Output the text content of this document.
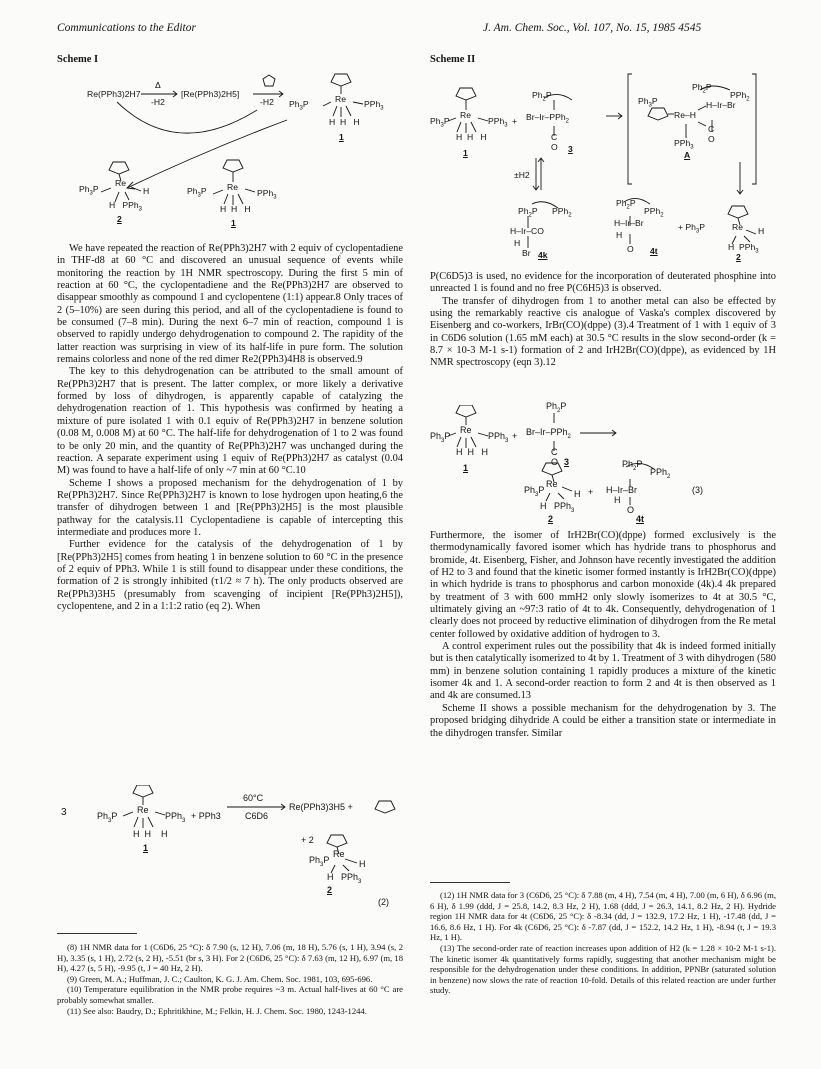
Communications to the Editor	J. Am. Chem. Soc., Vol. 107, No. 15, 1985 4545
Scheme I
Re(PPh3)2H7
Δ
-H2
[Re(PPh3)2H5]
-H2 $Ph_3P$	Re PPh$_3$
H  H   H
1
$Ph_3P$
Re
H
H   PPh$_3$
2
$Ph_3P$ Re
PPh$_3$
H  H   H
1

We have repeated the reaction of Re(PPh3)2H7 with 2 equiv of cyclopentadiene in THF-d8 at 60 °C and discovered an unusual sequence of events while monitoring the reaction by 1H NMR spectroscopy. During the first 5 min of reaction at 60 °C, the cyclopentadiene and the Re(PPh3)2H7 are observed to disappear smoothly as compound 1 and cyclopentene (1:1) appear.8 Only traces of 2 (5–10%) are seen during this period, and all of the cyclopentadiene is found to be consumed (7–8 min). During the next 6–7 min of reaction, compound 1 is observed to rapidly undergo dehydrogenation to compound 2. The rapidity of the latter reaction was surprising in view of its half-life in pure form. The solution remains colorless and none of the red dimer Re2(PPh3)4H8 is observed.9

The key to this dehydrogenation can be attributed to the small amount of Re(PPh3)2H7 that is present. The latter complex, or more likely a derivative formed by loss of dihydrogen, is apparently capable of catalyzing the dehydrogenation reaction of 1. This hypothesis was confirmed by heating a mixture of pure isolated 1 with 0.1 equiv of Re(PPh3)2H7 in benzene solution (0.08 M, 0.008 M) at 60 °C. The half-life for dehydrogenation of 1 to 2 was found to be only 20 min, and the quantity of Re(PPh3)2H7 was unchanged during the reaction. A separate experiment using 1 equiv of Re(PPh3)2H7 as catalyst (0.04 M) was found to have a half-life of only ~7 min at 60 °C.10

Scheme I shows a proposed mechanism for the dehydrogenation of 1 by Re(PPh3)2H7. Since Re(PPh3)2H7 is known to lose hydrogen upon heating,6 the transfer of dihydrogen between 1 and [Re(PPh3)2H5] is the most plausible pathway for the catalysis.11 Cyclopentadiene is capable of intercepting this intermediate and produces more 1.

Further evidence for the catalysis of the dehydrogenation of 1 by [Re(PPh3)2H5] comes from heating 1 in benzene solution to 60 °C in the presence of 2 equiv of PPh3. While 1 is still found to disappear under these conditions, the formation of 2 is strongly inhibited (τ1/2 ≈ 7 h). The only products observed are Re(PPh3)3H5 (presumably from scavenging of incipient [Re(PPh3)2H5]), cyclopentene, and 2 in a 1:1:2 ratio (eq 2). When

3	$Ph_3P$
Re
PPh$_3$ + PPh3
60°C
C6D6
Re(PPh3)3H5 +
H  H    H
1
+ 2
$Ph_3P$
Re
H
H   PPh$_3$
2
(2)

(8) 1H NMR data for 1 (C6D6, 25 °C): δ 7.90 (s, 12 H), 7.06 (m, 18 H), 5.76 (s, 1 H), 3.94 (s, 2 H), 3.35 (s, 1 H), 2.72 (s, 2 H), -5.51 (br s, 3 H). For 2 (C6D6, 25 °C): δ 7.63 (m, 12 H), 6.97 (m, 18 H), 4.27 (s, 5 H), -9.95 (t, J = 40 Hz, 2 H).

(9) Green, M. A.; Huffman, J. C.; Caulton, K. G. J. Am. Chem. Soc. 1981, 103, 695-696.

(10) Temperature equilibration in the NMR probe requires ~3 m. Actual half-lives at 60 °C are probably somewhat smaller.

(11) See also: Baudry, D.; Ephritikhine, M.; Felkin, H. J. Chem. Soc. 1980, 1243-1244.

Scheme II
$Ph_3P$
Re
PPh$_3$
H  H   H
1
+
$Ph_2P$
Br–Ir–PPh$_2$
C
O 3
$Ph_3P$
Re–H
$Ph_2P$
PPh$_2$
H–Ir–Br
C
O
PPh$_3$
A
±H2
$Ph_2P$ PPh$_2$
H–Ir–CO
H
Br 4k
$Ph_2P$
PPh$_2$
H–Ir–Br
H
O 4t
+ $Ph_3P$	Re H
H  PPh$_3$
2

P(C6D5)3 is used, no evidence for the incorporation of deuterated phosphine into unreacted 1 is found and no free P(C6H5)3 is observed.

The transfer of dihydrogen from 1 to another metal can also be effected by using the remarkably reactive cis analogue of Vaska's complex discovered by Eisenberg and co-workers, IrBr(CO)(dppe) (3).4 Treatment of 1 with 1 equiv of 3 in C6D6 solution (1.65 mM each) at 30.5 °C results in the slow second-order (k = 8.7 × 10-3 M-1 s-1) formation of 2 and IrH2Br(CO)(dppe), as evidenced by 1H NMR spectroscopy (eqn 3).12

$Ph_3P$
Re
PPh$_3$
H  H   H
1
+
$Ph_2P$
Br–Ir–PPh$_2$
C
O 3
$Ph_3P$
Re
H
H   PPh$_3$
+
$Ph_2P$
PPh$_2$
H–Ir–Br
H
O
(3)
2	4t

Furthermore, the isomer of IrH2Br(CO)(dppe) formed exclusively is the thermodynamically favored isomer which has hydride trans to phosphorus and bromide, 4t. Eisenberg, Fisher, and Johnson have recently investigated the addition of H2 to 3 and found that the kinetic isomer formed instantly is IrH2Br(CO)(dppe) in which hydride is trans to phosphorus and carbon monoxide (4k).4 4k prepared by treatment of 3 with 600 mmH2 only slowly isomerizes to 4t at 30.5 °C, ultimately giving an ~97:3 ratio of 4t to 4k. Consequently, dehydrogenation of 1 clearly does not proceed by reductive elimination of dihydrogen from the Re metal center followed by oxidative addition of hydrogen to 3.

A control experiment rules out the possibility that 4k is indeed formed initially but is then catalytically isomerized to 4t by 1. Treatment of 3 with dihydrogen (580 mm) in benzene solution containing 1 rapidly produces a mixture of the kinetic isomer 4k and 1. A second-order reaction to form 2 and 4t is then observed as 1 and 4k are consumed.13

Scheme II shows a possible mechanism for the dehydrogenation by 3. The proposed bridging dihydride A could be either a transition state or intermediate in the dihydrogen transfer. Similar

(12) 1H NMR data for 3 (C6D6, 25 °C): δ 7.88 (m, 4 H), 7.54 (m, 4 H), 7.00 (m, 6 H), δ 6.96 (m, 6 H), δ 1.99 (ddd, J = 25.8, 14.2, 8.3 Hz, 2 H), 1.68 (ddd, J = 26.3, 14.1, 8.2 Hz, 2 H). Hydride region 1H NMR data for 4t (C6D6, 25 °C): δ -8.34 (dd, J = 132.9, 17.2 Hz, 1 H), -17.48 (dd, J = 16.6, 8.6 Hz, 1 H). For 4k (C6D6, 25 °C): δ -7.87 (dd, J = 152.2, 14.2 Hz, 1 H), -8.94 (t, J = 19.3 Hz, 1 H).

(13) The second-order rate of reaction increases upon addition of H2 (k = 1.28 × 10-2 M-1 s-1). The kinetic isomer 4k quantitatively forms rapidly, suggesting that another mechanism might be responsible for the dehydrogenation under these conditions. In addition, PPNBr (saturated solution in benzene) now slows the rate of reaction 10-fold. Details of this related reaction are under further study.
